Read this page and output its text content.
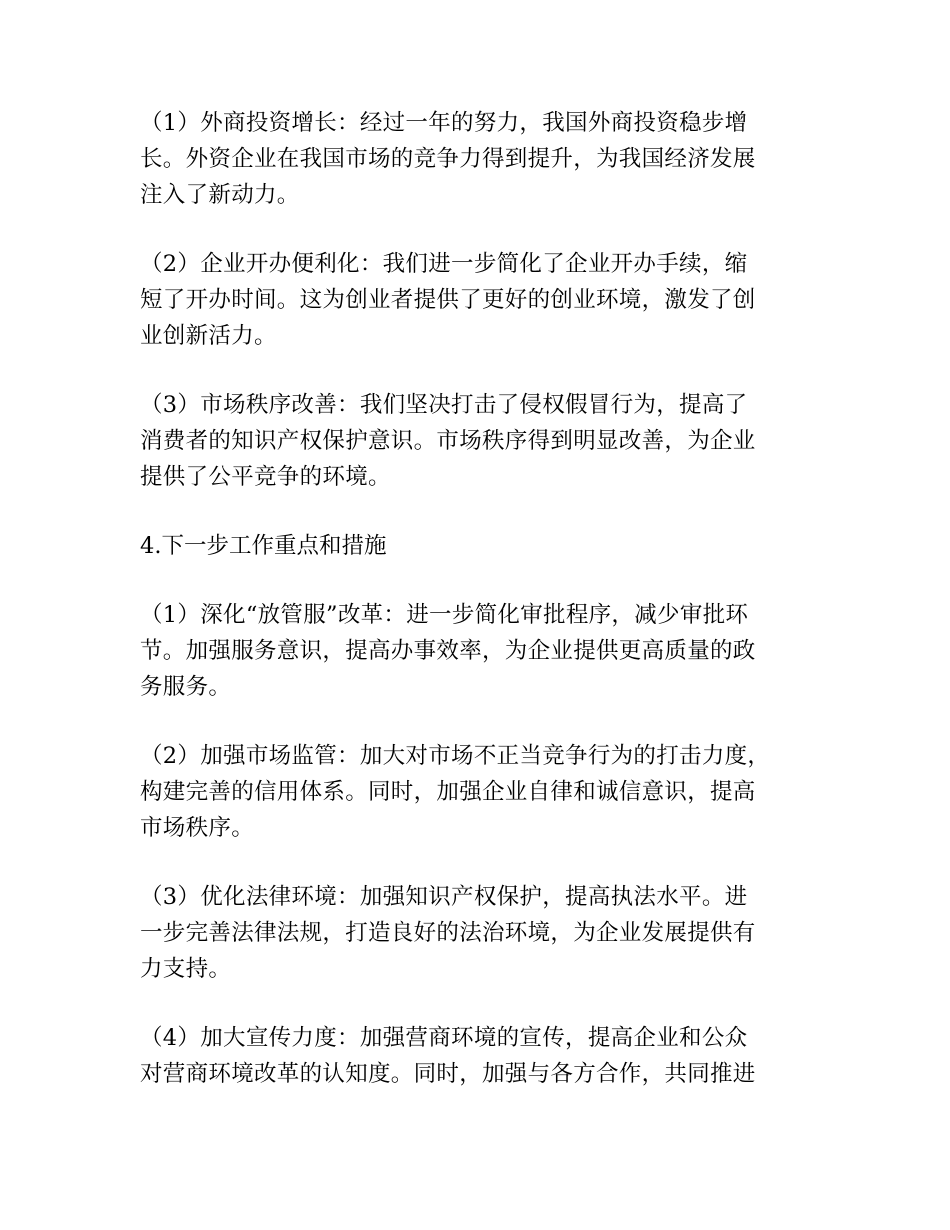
（1）外商投资增长：经过一年的努力，我国外商投资稳步增
长。外资企业在我国市场的竞争力得到提升，为我国经济发展
注入了新动力。

（2）企业开办便利化：我们进一步简化了企业开办手续，缩
短了开办时间。这为创业者提供了更好的创业环境，激发了创
业创新活力。

（3）市场秩序改善：我们坚决打击了侵权假冒行为，提高了
消费者的知识产权保护意识。市场秩序得到明显改善，为企业
提供了公平竞争的环境。

4.下一步工作重点和措施

（1）深化“放管服”改革：进一步简化审批程序，减少审批环
节。加强服务意识，提高办事效率，为企业提供更高质量的政
务服务。

（2）加强市场监管：加大对市场不正当竞争行为的打击力度，
构建完善的信用体系。同时，加强企业自律和诚信意识，提高
市场秩序。

（3）优化法律环境：加强知识产权保护，提高执法水平。进
一步完善法律法规，打造良好的法治环境，为企业发展提供有
力支持。

（4）加大宣传力度：加强营商环境的宣传，提高企业和公众
对营商环境改革的认知度。同时，加强与各方合作，共同推进
